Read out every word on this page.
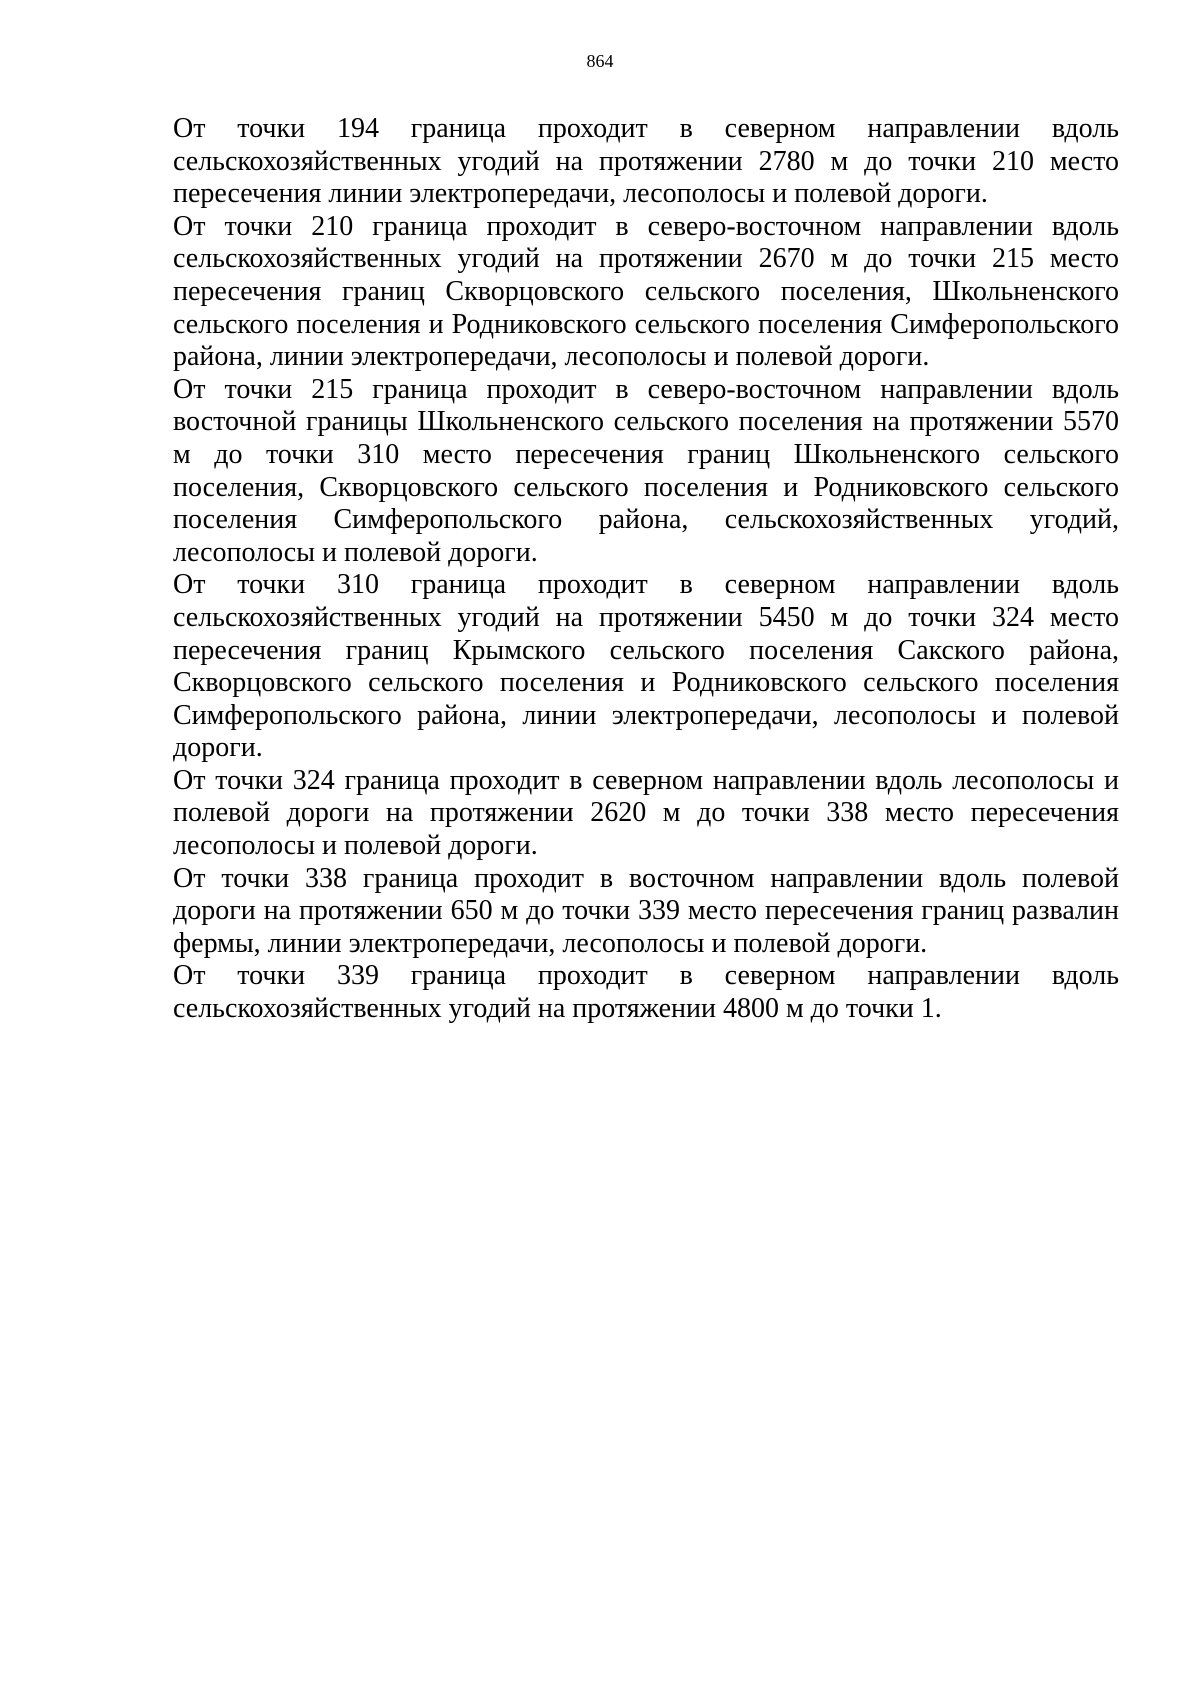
864

От точки 194 граница проходит в северном направлении вдоль сельскохозяйственных угодий на протяжении 2780 м до точки 210 место пересечения линии электропередачи, лесополосы и полевой дороги.

От точки 210 граница проходит в северо-восточном направлении вдоль сельскохозяйственных угодий на протяжении 2670 м до точки 215 место пересечения границ Скворцовского сельского поселения, Школьненского сельского поселения и Родниковского сельского поселения Симферопольского района, линии электропередачи, лесополосы и полевой дороги.

От точки 215 граница проходит в северо-восточном направлении вдоль восточной границы Школьненского сельского поселения на протяжении 5570 м до точки 310 место пересечения границ Школьненского сельского поселения, Скворцовского сельского поселения и Родниковского сельского поселения Симферопольского района, сельскохозяйственных угодий, лесополосы и полевой дороги.

От точки 310 граница проходит в северном направлении вдоль сельскохозяйственных угодий на протяжении 5450 м до точки 324 место пересечения границ Крымского сельского поселения Сакского района, Скворцовского сельского поселения и Родниковского сельского поселения Симферопольского района, линии электропередачи, лесополосы и полевой дороги.

От точки 324 граница проходит в северном направлении вдоль лесополосы и полевой дороги на протяжении 2620 м до точки 338 место пересечения лесополосы и полевой дороги.

От точки 338 граница проходит в восточном направлении вдоль полевой дороги на протяжении 650 м до точки 339 место пересечения границ развалин фермы, линии электропередачи, лесополосы и полевой дороги.

От точки 339 граница проходит в северном направлении вдоль сельскохозяйственных угодий на протяжении 4800 м до точки 1.
